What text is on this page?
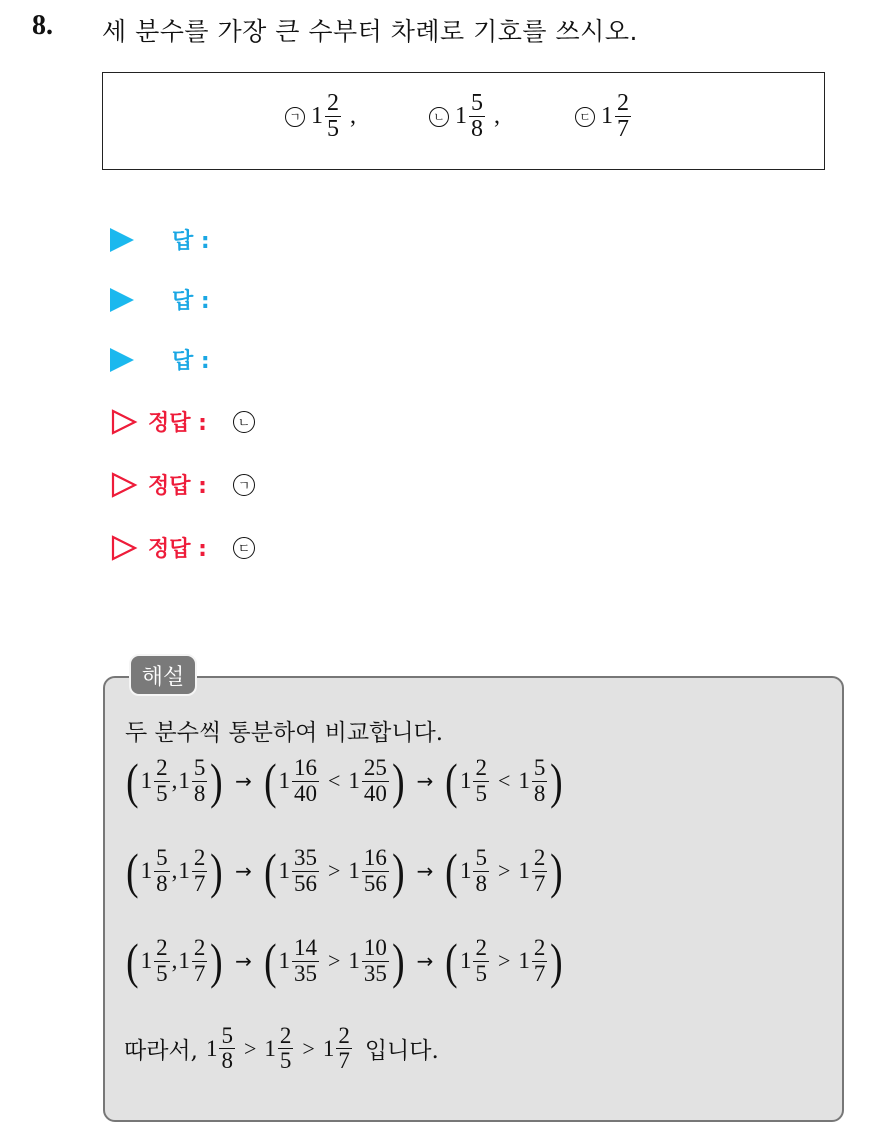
8. 세 분수를 가장 큰 수부터 차례로 기호를 쓰시오.
ㄱ $1 \frac{2}{5}$ ,	ㄴ $1 \frac{5}{8}$ ,	ㄷ $1 \frac{2}{7}$
답 :
답 :
답 :
정답 :	ㄴ
정답 :	ㄱ
정답 :	ㄷ
해설
두 분수씩 통분하여 비교합니다.
( $1 \frac{2}{5}$ , $1 \frac{5}{8}$ ) → ( $1 \frac{16}{40} < 1 \frac{25}{40}$ ) → ( $1 \frac{2}{5} < 1 \frac{5}{8}$ )
( $1 \frac{5}{8}$ , $1 \frac{2}{7}$ ) → ( $1 \frac{35}{56} > 1 \frac{16}{56}$ ) → ( $1 \frac{5}{8} > 1 \frac{2}{7}$ )
( $1 \frac{2}{5}$ , $1 \frac{2}{7}$ ) → ( $1 \frac{14}{35} > 1 \frac{10}{35}$ ) → ( $1 \frac{2}{5} > 1 \frac{2}{7}$ )
따라서, $1 \frac{5}{8} > 1 \frac{2}{5} > 1 \frac{2}{7}$ 입니다.
